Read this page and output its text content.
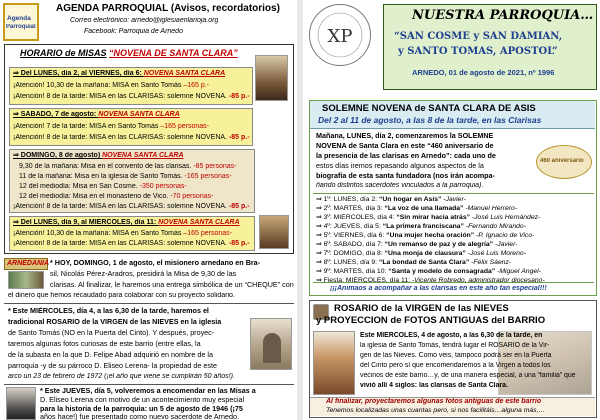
Agenda
Parroquial
AGENDA PARROQUIAL (Avisos, recordatorios)
Correo electrónico: arnedo@iglesiaenlarioja.org
Facebook: Parroquia de Arnedo
HORARIO de MISAS “NOVENA DE SANTA CLARA”
⇒ Del LUNES, día 2, al VIERNES, día 6: NOVENA SANTA CLARA
¡Atención! 10,30 de la mañana: MISA en Santo Tomás –165 p.-
¡Atención! 8 de la tarde: MISA en las CLARISAS: solemne NOVENA. -85 p.-
⇒ SÁBADO, 7 de agosto: NOVENA SANTA CLARA
¡Atención! 7 de la tarde: MISA en Santo Tomás –165 personas-
¡Atención! 8 de la tarde: MISA en las CLARISAS: solemne NOVENA. -85 p.-
⇒ DOMINGO, 8 de agosto) NOVENA SANTA CLARA
9,30 de la mañana: Misa en el convento de las clarisas. -85 personas-
11 de la mañana: Misa en la iglesia de Santo Tomás. -165 personas-
12 del mediodía: Misa en San Cosme. -350 personas-
12 del mediodía: Misa en el monasterio de Vico. -70 personas-
¡Atención! 8 de la tarde: MISA en las CLARISAS: solemne NOVENA. -85 p.-
⇒ Del LUNES, día 9, al MIÉRCOLES, día 11: NOVENA SANTA CLARA
¡Atención! 10,30 de la mañana: MISA en Santo Tomás –165 personas-
¡Atención! 8 de la tarde: MISA en las CLARISAS: solemne NOVENA. -85 p.-
ARNEDANÍA * HOY, DOMINGO, 1 de agosto, el misionero arnedano en Bra-
sil, Nicolás Pérez-Aradros, presidirá la Misa de 9,30 de las
clarisas. Al finalizar, le haremos una entrega simbólica de un “CHEQUE” con
el dinero que hemos recaudado para colaborar con su proyecto solidario.
* Este MIÉRCOLES, día 4, a las 6,30 de la tarde, haremos el
tradicional ROSARIO de la VIRGEN de las NIEVES en la iglesia
de Santo Tomás (NO en la Puerta del Cinto). Y después, proyec-
taremos algunas fotos curiosas de este barrio (entre ellas, la
de la subasta en la que D. Felipe Abad adquirió en nombre de la
parroquia -y de su párroco D. Eliseo Lerena- la propiedad de este
arco un 23 de febrero de 1972 (¡el año que viene se cumplirán 50 años!).
* Este JUEVES, día 5, volveremos a encomendar en las Misas a
D. Eliseo Lerena con motivo de un acontecimiento muy especial
para la historia de la parroquia: un 5 de agosto de 1946 (¡75
años hace!) fue presentado como nuevo sacerdote de Arnedo.
XP
NUESTRA PARROQUIA…
“SAN COSME y SAN DAMIÁN,
y SANTO TOMÁS, APÓSTOL”
ARNEDO, 01 de agosto de 2021, nº 1996
SOLEMNE NOVENA de SANTA CLARA DE ASÍS
Del 2 al 11 de agosto, a las 8 de la tarde, en las Clarisas
Mañana, LUNES, día 2, comenzaremos la SOLEMNE
NOVENA de Santa Clara en este “460 aniversario de
la presencia de las clarisas en Arnedo”: cada uno de
estos días iremos repasando algunos aspectos de la
biografía de esta santa fundadora (nos irán acompa-
ñando distintos sacerdotes vinculados a la parroquia).
460 aniversario
⇒ 1º: LUNES, día 2: “Un hogar en Asís” -Javier-
⇒ 2º: MARTES, día 3: “La voz de una llamada” -Manuel Herrero-
⇒ 3º: MIÉRCOLES, día 4: “Sin mirar hacia atrás” -José Luis Hernández-
⇒ 4º: JUEVES, día 5: “La primera franciscana” -Fernando Mirando-
⇒ 5º: VIERNES, día 6: “Una mujer hecha oración” -P. Ignacio de Vico-
⇒ 6º: SÁBADO, día 7: “Un remanso de paz y de alegría” -Javier-
⇒ 7º: DOMIGO, día 8: “Una monja de clausura” -José Luis Moreno-
⇒ 8º: LUNES, día 9: “La bondad de Santa Clara” -Félix Sáenz-
⇒ 9º: MARTES, día 10: “Santa y modelo de consagrada” -Miguel Ángel-
⇒ Fiesta: MIÉRCOLES, día 11: -Vicente Robredo, administrador diocesano-
¡¡¡Animaos a acompañar a las clarisas en este año tan especial!!!
ROSARIO de la VIRGEN de las NIEVES
y PROYECCIÓN de FOTOS ANTIGUAS del BARRIO
Este MIÉRCOLES, 4 de agosto, a las 6,30 de la tarde, en
la iglesia de Santo Tomás, tendrá lugar el ROSARIO de la Vir-
gen de las Nieves. Como veis, tampoco podrá ser en la Puerta
del Cinto pero sí que encomendaremos a la Virgen a todos los
vecinos de este barrio…y, de una manera especial, a una “familia” que
vivió allí 4 siglos: las clarisas de Santa Clara.
Al finalizar, proyectaremos algunas fotos antiguas de este barrio
Tenemos localizadas unas cuantas pero, si nos facilitáis…alguna más,…
